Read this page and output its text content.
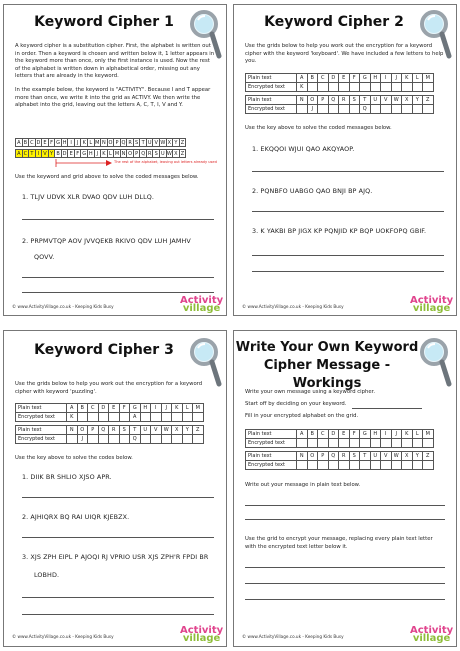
Keyword Cipher 1
A keyword cipher is a substitution cipher. First, the alphabet is written out in order. Then a keyword is chosen and written below it, 1 letter appears in the keyword more than once, only the first instance is used. Now the rest of the alphabet is written down in alphabetical order, missing out any letters that are already in the keyword.
In the example below, the keyword is "ACTIVITY". Because I and T appear more than once, we write it into the grid as ACTIVY. We then write the alphabet into the grid, leaving out the letters A, C, T, I, V and Y.
A B C D E F G H I	J K L M N O P Q R S T U V W X Y Z
A C T I V Y B D E F G H J K L M N O P Q R S U W X Z
The rest of the alphabet, leaving out letters already used
Use the keyword and grid above to solve the coded messages below.
1. TLJV UDVK XLR DVAO QDV LUH DLLQ.
2. PRPMVTQP AOV JVVQEKB RKIVO QDV LUH JAMHV
QOVV.
© www.ActivityVillage.co.uk - Keeping Kids Busy
Activity
village
Keyword Cipher 2
Use the grids below to help you work out the encryption for a keyword cipher with the keyword 'keyboard'. We have included a few letters to help you.
Plain text	A	B	C	D	E	F	G	H	I	J	K	L	M
Encrypted text	K												
Plain text	N	O	P	Q	R	S	T	U	V	W	X	Y	Z
Encrypted text		J					Q						
Use the key above to solve the coded messages below.
1. EKQQOI WJUI QAO AKQYAOP.
2. PQNBFO UABGO QAO BNJI BP AJQ.
3. K YAKBI BP JIGX KP PQNJID KP BQP UOKFOPQ GBIF.
© www.ActivityVillage.co.uk - Keeping Kids Busy
Activity
village
Keyword Cipher 3
Use the grids below to help you work out the encryption for a keyword cipher with keyword 'puzzling'.
Plain text	A	B	C	D	E	F	G	H	I	J	K	L	M
Encrypted text	K						A						
Plain text	N	O	P	Q	R	S	T	U	V	W	X	Y	Z
Encrypted text		J					Q						
Use the key above to solve the codes below.
1. DIIK BR SHLIO XJSO APR.
2. AJHIQRX BQ RAI UIQR KJEBZX.
3. XJS ZPH EIPL P AJOQI RJ VPRIO USR XJS ZPH'R FPDI BR
LOBHD.
© www.ActivityVillage.co.uk - Keeping Kids Busy
Activity
village
Write Your Own Keyword
Cipher Message - Workings
Write your own message using a keyword cipher.
Start off by deciding on your keyword.
Fill in your encrypted alphabet on the grid.
Plain text	A	B	C	D	E	F	G	H	I	J	K	L	M
Encrypted text													
Plain text	N	O	P	Q	R	S	T	U	V	W	X	Y	Z
Encrypted text													
Write out your message in plain text below.
Use the grid to encrypt your message, replacing every plain text letter with the encrypted text letter below it.
© www.ActivityVillage.co.uk - Keeping Kids Busy
Activity
village
